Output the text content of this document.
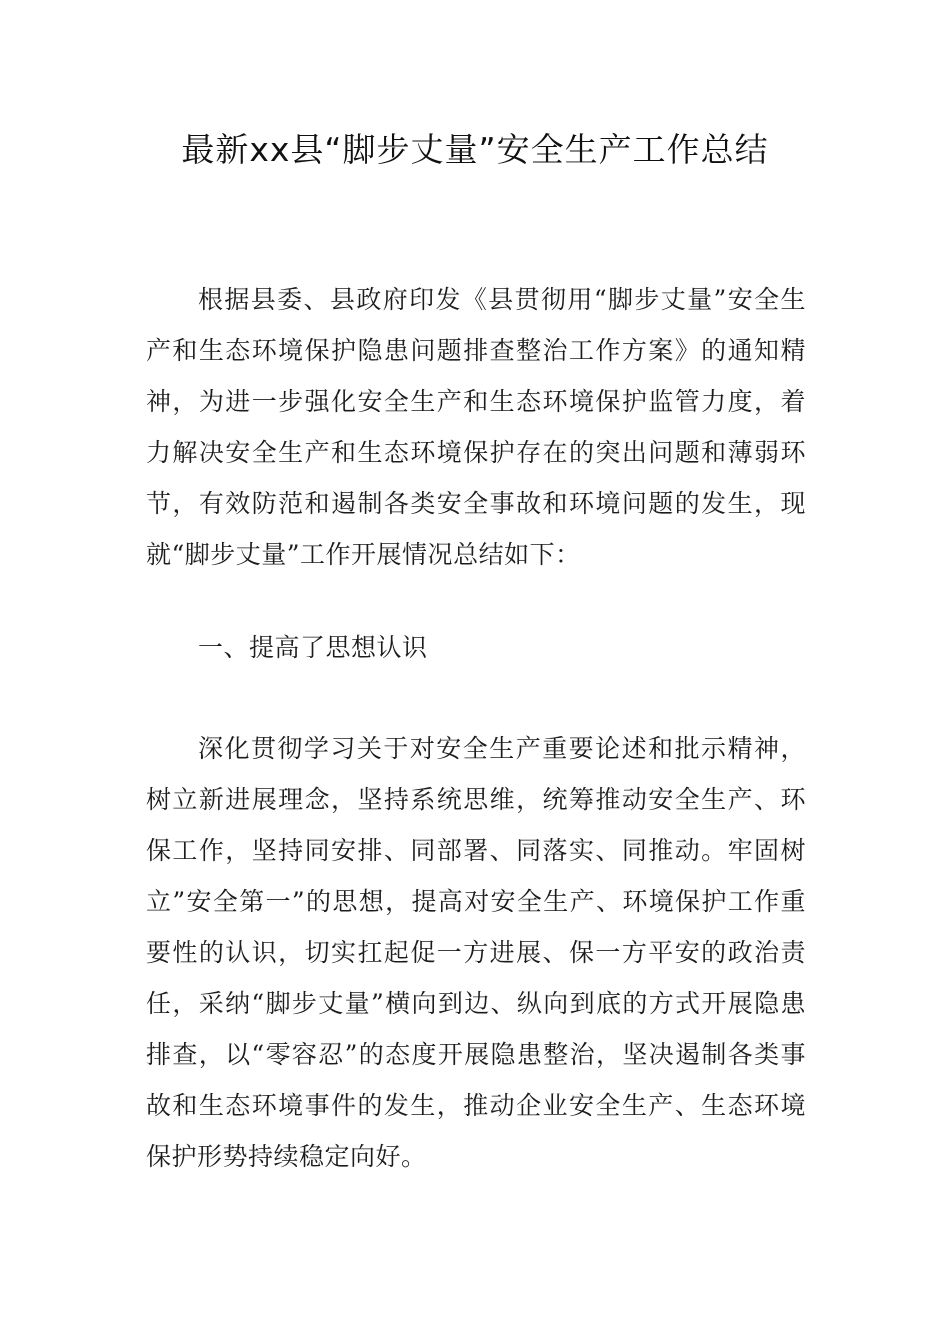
最新xx县“脚步丈量”安全生产工作总结

根据县委、县政府印发《县贯彻用“脚步丈量”安全生产和生态环境保护隐患问题排查整治工作方案》的通知精神，为进一步强化安全生产和生态环境保护监管力度，着力解决安全生产和生态环境保护存在的突出问题和薄弱环节，有效防范和遏制各类安全事故和环境问题的发生，现就“脚步丈量”工作开展情况总结如下：

一、提高了思想认识

深化贯彻学习关于对安全生产重要论述和批示精神，树立新进展理念，坚持系统思维，统筹推动安全生产、环保工作，坚持同安排、同部署、同落实、同推动。牢固树立”安全第一”的思想，提高对安全生产、环境保护工作重要性的认识，切实扛起促一方进展、保一方平安的政治责任，采纳“脚步丈量”横向到边、纵向到底的方式开展隐患排查，以“零容忍”的态度开展隐患整治，坚决遏制各类事故和生态环境事件的发生，推动企业安全生产、生态环境保护形势持续稳定向好。
